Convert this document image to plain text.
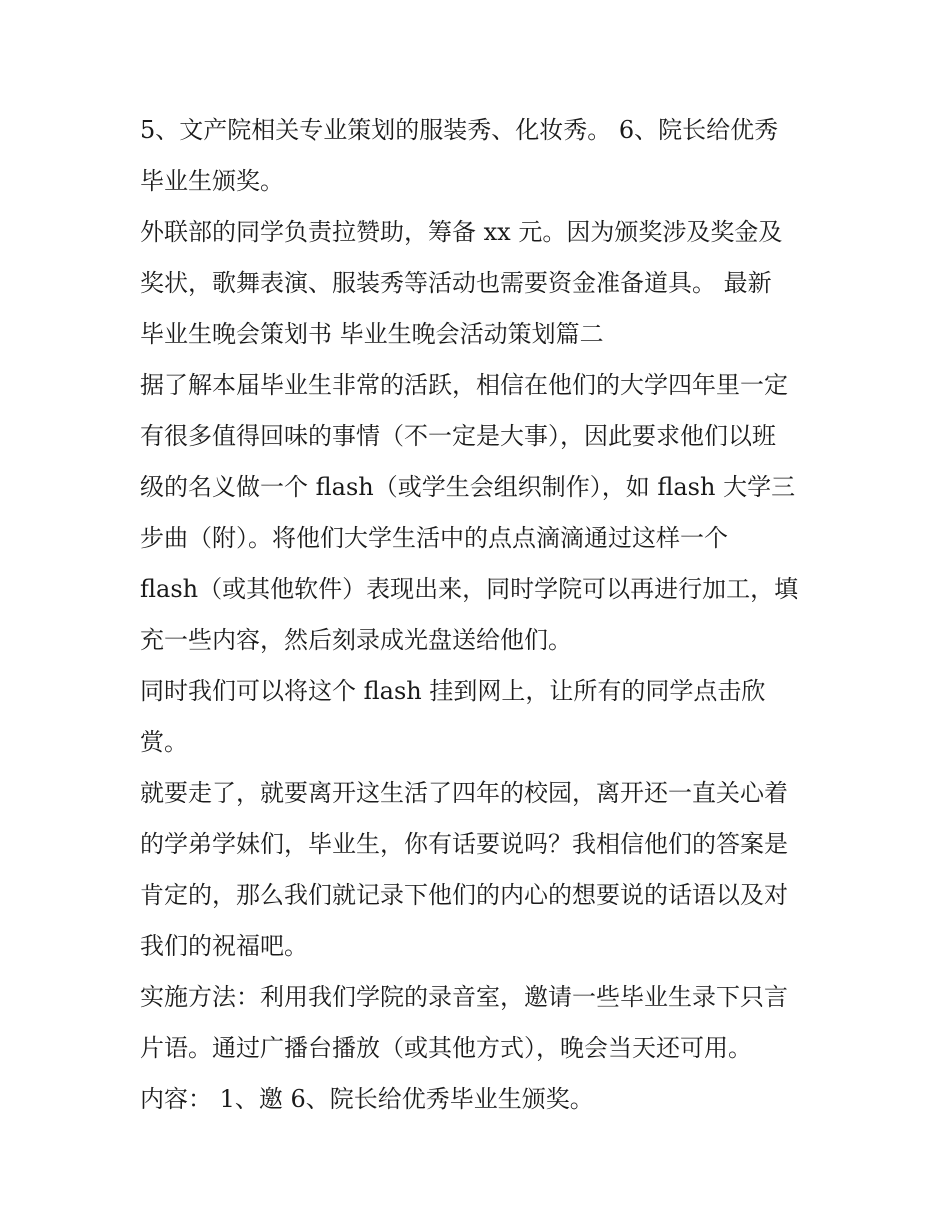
5、文产院相关专业策划的服装秀、化妆秀。 6、院长给优秀
毕业生颁奖。
外联部的同学负责拉赞助，筹备 xx 元。因为颁奖涉及奖金及
奖状，歌舞表演、服装秀等活动也需要资金准备道具。 最新
毕业生晚会策划书 毕业生晚会活动策划篇二
据了解本届毕业生非常的活跃，相信在他们的大学四年里一定
有很多值得回味的事情（不一定是大事），因此要求他们以班
级的名义做一个 flash（或学生会组织制作），如 flash 大学三
步曲（附）。将他们大学生活中的点点滴滴通过这样一个
flash（或其他软件）表现出来，同时学院可以再进行加工，填
充一些内容，然后刻录成光盘送给他们。
同时我们可以将这个 flash 挂到网上，让所有的同学点击欣
赏。
就要走了，就要离开这生活了四年的校园，离开还一直关心着
的学弟学妹们，毕业生，你有话要说吗？我相信他们的答案是
肯定的，那么我们就记录下他们的内心的想要说的话语以及对
我们的祝福吧。
实施方法：利用我们学院的录音室，邀请一些毕业生录下只言
片语。通过广播台播放（或其他方式），晚会当天还可用。
内容： 1、邀 6、院长给优秀毕业生颁奖。
